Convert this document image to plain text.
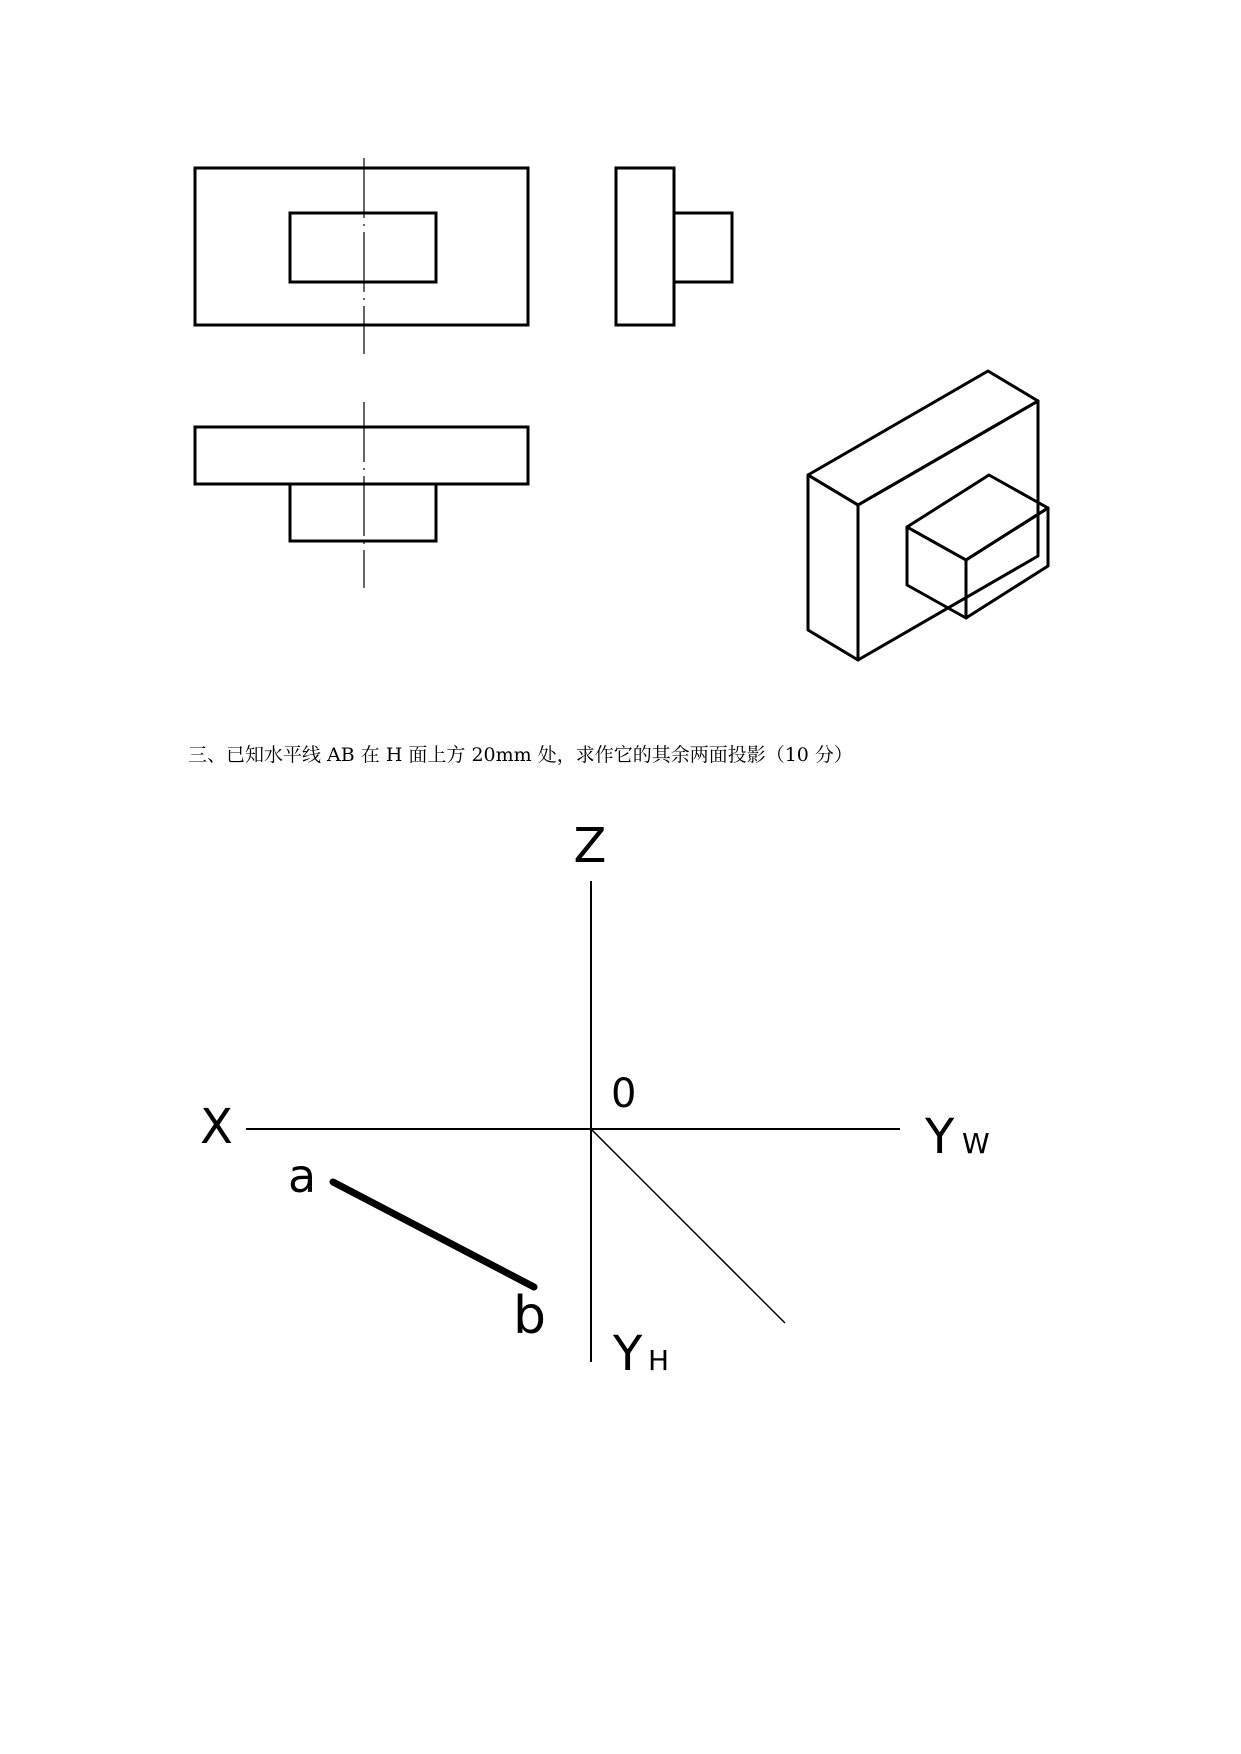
三、已知水平线 AB 在 H 面上方 20mm 处，求作它的其余两面投影（10 分）
Z
0
X	Y W
Y H
a
b
